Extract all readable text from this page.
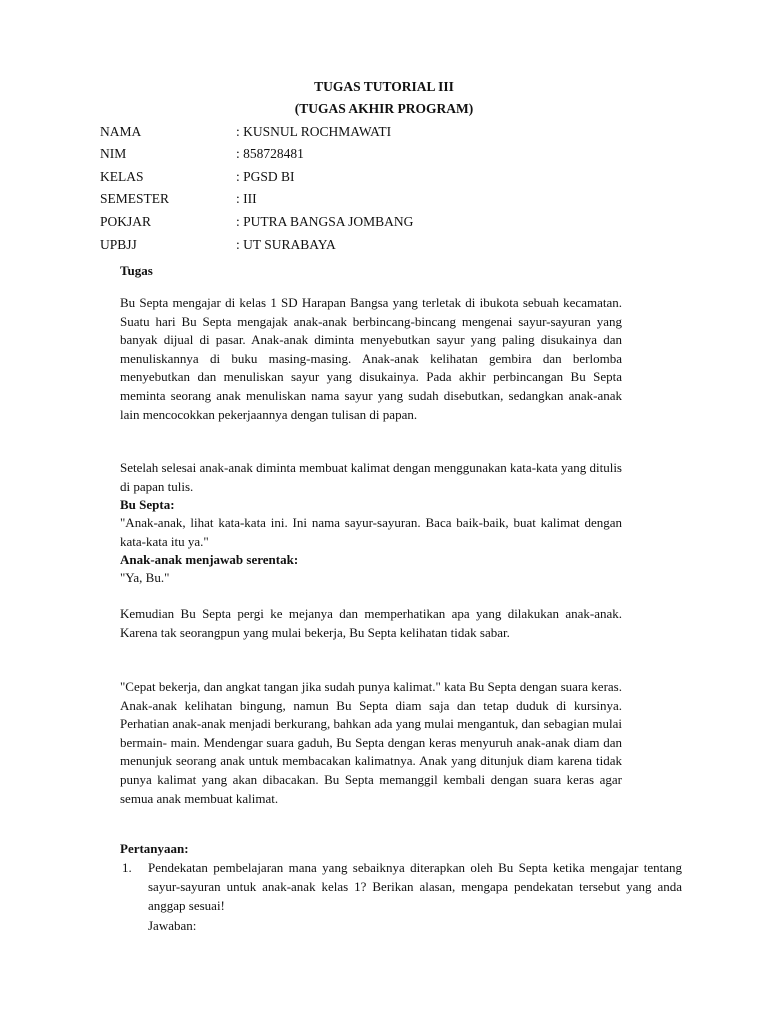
TUGAS TUTORIAL III
(TUGAS AKHIR PROGRAM)
NAMA	: KUSNUL ROCHMAWATI
NIM	: 858728481
KELAS	: PGSD BI
SEMESTER	: III
POKJAR	: PUTRA BANGSA JOMBANG
UPBJJ	: UT SURABAYA
Tugas

Bu Septa mengajar di kelas 1 SD Harapan Bangsa yang terletak di ibukota sebuah kecamatan. Suatu hari Bu Septa mengajak anak-anak berbincang-bincang mengenai sayur-sayuran yang banyak dijual di pasar. Anak-anak diminta menyebutkan sayur yang paling disukainya dan menuliskannya di buku masing-masing. Anak-anak kelihatan gembira dan berlomba menyebutkan dan menuliskan sayur yang disukainya. Pada akhir perbincangan Bu Septa meminta seorang anak menuliskan nama sayur yang sudah disebutkan, sedangkan anak-anak lain mencocokkan pekerjaannya dengan tulisan di papan.

Setelah selesai anak-anak diminta membuat kalimat dengan menggunakan kata-kata yang ditulis di papan tulis.

Bu Septa:

"Anak-anak, lihat kata-kata ini. Ini nama sayur-sayuran. Baca baik-baik, buat kalimat dengan kata-kata itu ya."

Anak-anak menjawab serentak:
"Ya, Bu."

Kemudian Bu Septa pergi ke mejanya dan memperhatikan apa yang dilakukan anak-anak. Karena tak seorangpun yang mulai bekerja, Bu Septa kelihatan tidak sabar.

"Cepat bekerja, dan angkat tangan jika sudah punya kalimat." kata Bu Septa dengan suara keras. Anak-anak kelihatan bingung, namun Bu Septa diam saja dan tetap duduk di kursinya. Perhatian anak-anak menjadi berkurang, bahkan ada yang mulai mengantuk, dan sebagian mulai bermain- main. Mendengar suara gaduh, Bu Septa dengan keras menyuruh anak-anak diam dan menunjuk seorang anak untuk membacakan kalimatnya. Anak yang ditunjuk diam karena tidak punya kalimat yang akan dibacakan. Bu Septa memanggil kembali dengan suara keras agar semua anak membuat kalimat.

Pertanyaan:
1. Pendekatan pembelajaran mana yang sebaiknya diterapkan oleh Bu Septa ketika mengajar tentang sayur-sayuran untuk anak-anak kelas 1? Berikan alasan, mengapa pendekatan tersebut yang anda anggap sesuai!
Jawaban:
